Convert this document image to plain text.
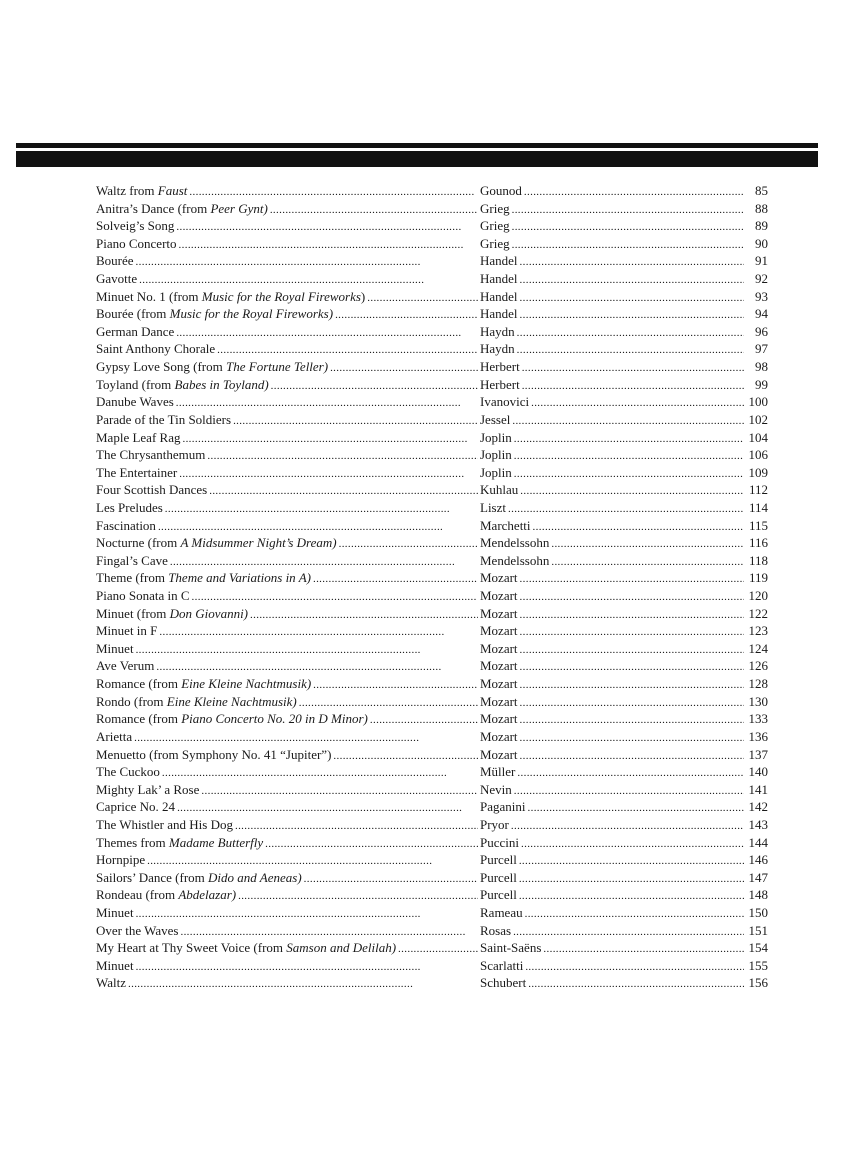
Waltz from Faust . . .	Gounod . . .	85
Anitra’s Dance (from Peer Gynt) . . .	Grieg . . .	88
Solveig’s Song . . .	Grieg . . .	89
Piano Concerto . . .	Grieg . . .	90
Bourée . . .	Handel . . .	91
Gavotte . . .	Handel . . .	92
Minuet No. 1 (from Music for the Royal Fireworks) . . .	Handel . . .	93
Bourée (from Music for the Royal Fireworks) . . .	Handel . . .	94
German Dance . . .	Haydn . . .	96
Saint Anthony Chorale . . .	Haydn . . .	97
Gypsy Love Song (from The Fortune Teller) . . .	Herbert . . .	98
Toyland (from Babes in Toyland) . . .	Herbert . . .	99
Danube Waves . . .	Ivanovici . . .	100
Parade of the Tin Soldiers . . .	Jessel . . .	102
Maple Leaf Rag . . .	Joplin . . .	104
The Chrysanthemum . . .	Joplin . . .	106
The Entertainer . . .	Joplin . . .	109
Four Scottish Dances . . .	Kuhlau . . .	112
Les Preludes . . .	Liszt . . .	114
Fascination . . .	Marchetti . . .	115
Nocturne (from A Midsummer Night’s Dream) . . .	Mendelssohn . . .	116
Fingal’s Cave . . .	Mendelssohn . . .	118
Theme (from Theme and Variations in A) . . .	Mozart . . .	119
Piano Sonata in C . . .	Mozart . . .	120
Minuet (from Don Giovanni) . . .	Mozart . . .	122
Minuet in F . . .	Mozart . . .	123
Minuet . . .	Mozart . . .	124
Ave Verum . . .	Mozart . . .	126
Romance (from Eine Kleine Nachtmusik) . . .	Mozart . . .	128
Rondo (from Eine Kleine Nachtmusik) . . .	Mozart . . .	130
Romance (from Piano Concerto No. 20 in D Minor) . . .	Mozart . . .	133
Arietta . . .	Mozart . . .	136
Menuetto (from Symphony No. 41 “Jupiter”) . . .	Mozart . . .	137
The Cuckoo . . .	Müller . . .	140
Mighty Lak’ a Rose . . .	Nevin . . .	141
Caprice No. 24 . . .	Paganini . . .	142
The Whistler and His Dog . . .	Pryor . . .	143
Themes from Madame Butterfly . . .	Puccini . . .	144
Hornpipe . . .	Purcell . . .	146
Sailors’ Dance (from Dido and Aeneas) . . .	Purcell . . .	147
Rondeau (from Abdelazar) . . .	Purcell . . .	148
Minuet . . .	Rameau . . .	150
Over the Waves . . .	Rosas . . .	151
My Heart at Thy Sweet Voice (from Samson and Delilah) . . .	Saint-Saëns . . .	154
Minuet . . .	Scarlatti . . .	155
Waltz . . .	Schubert . . .	156
